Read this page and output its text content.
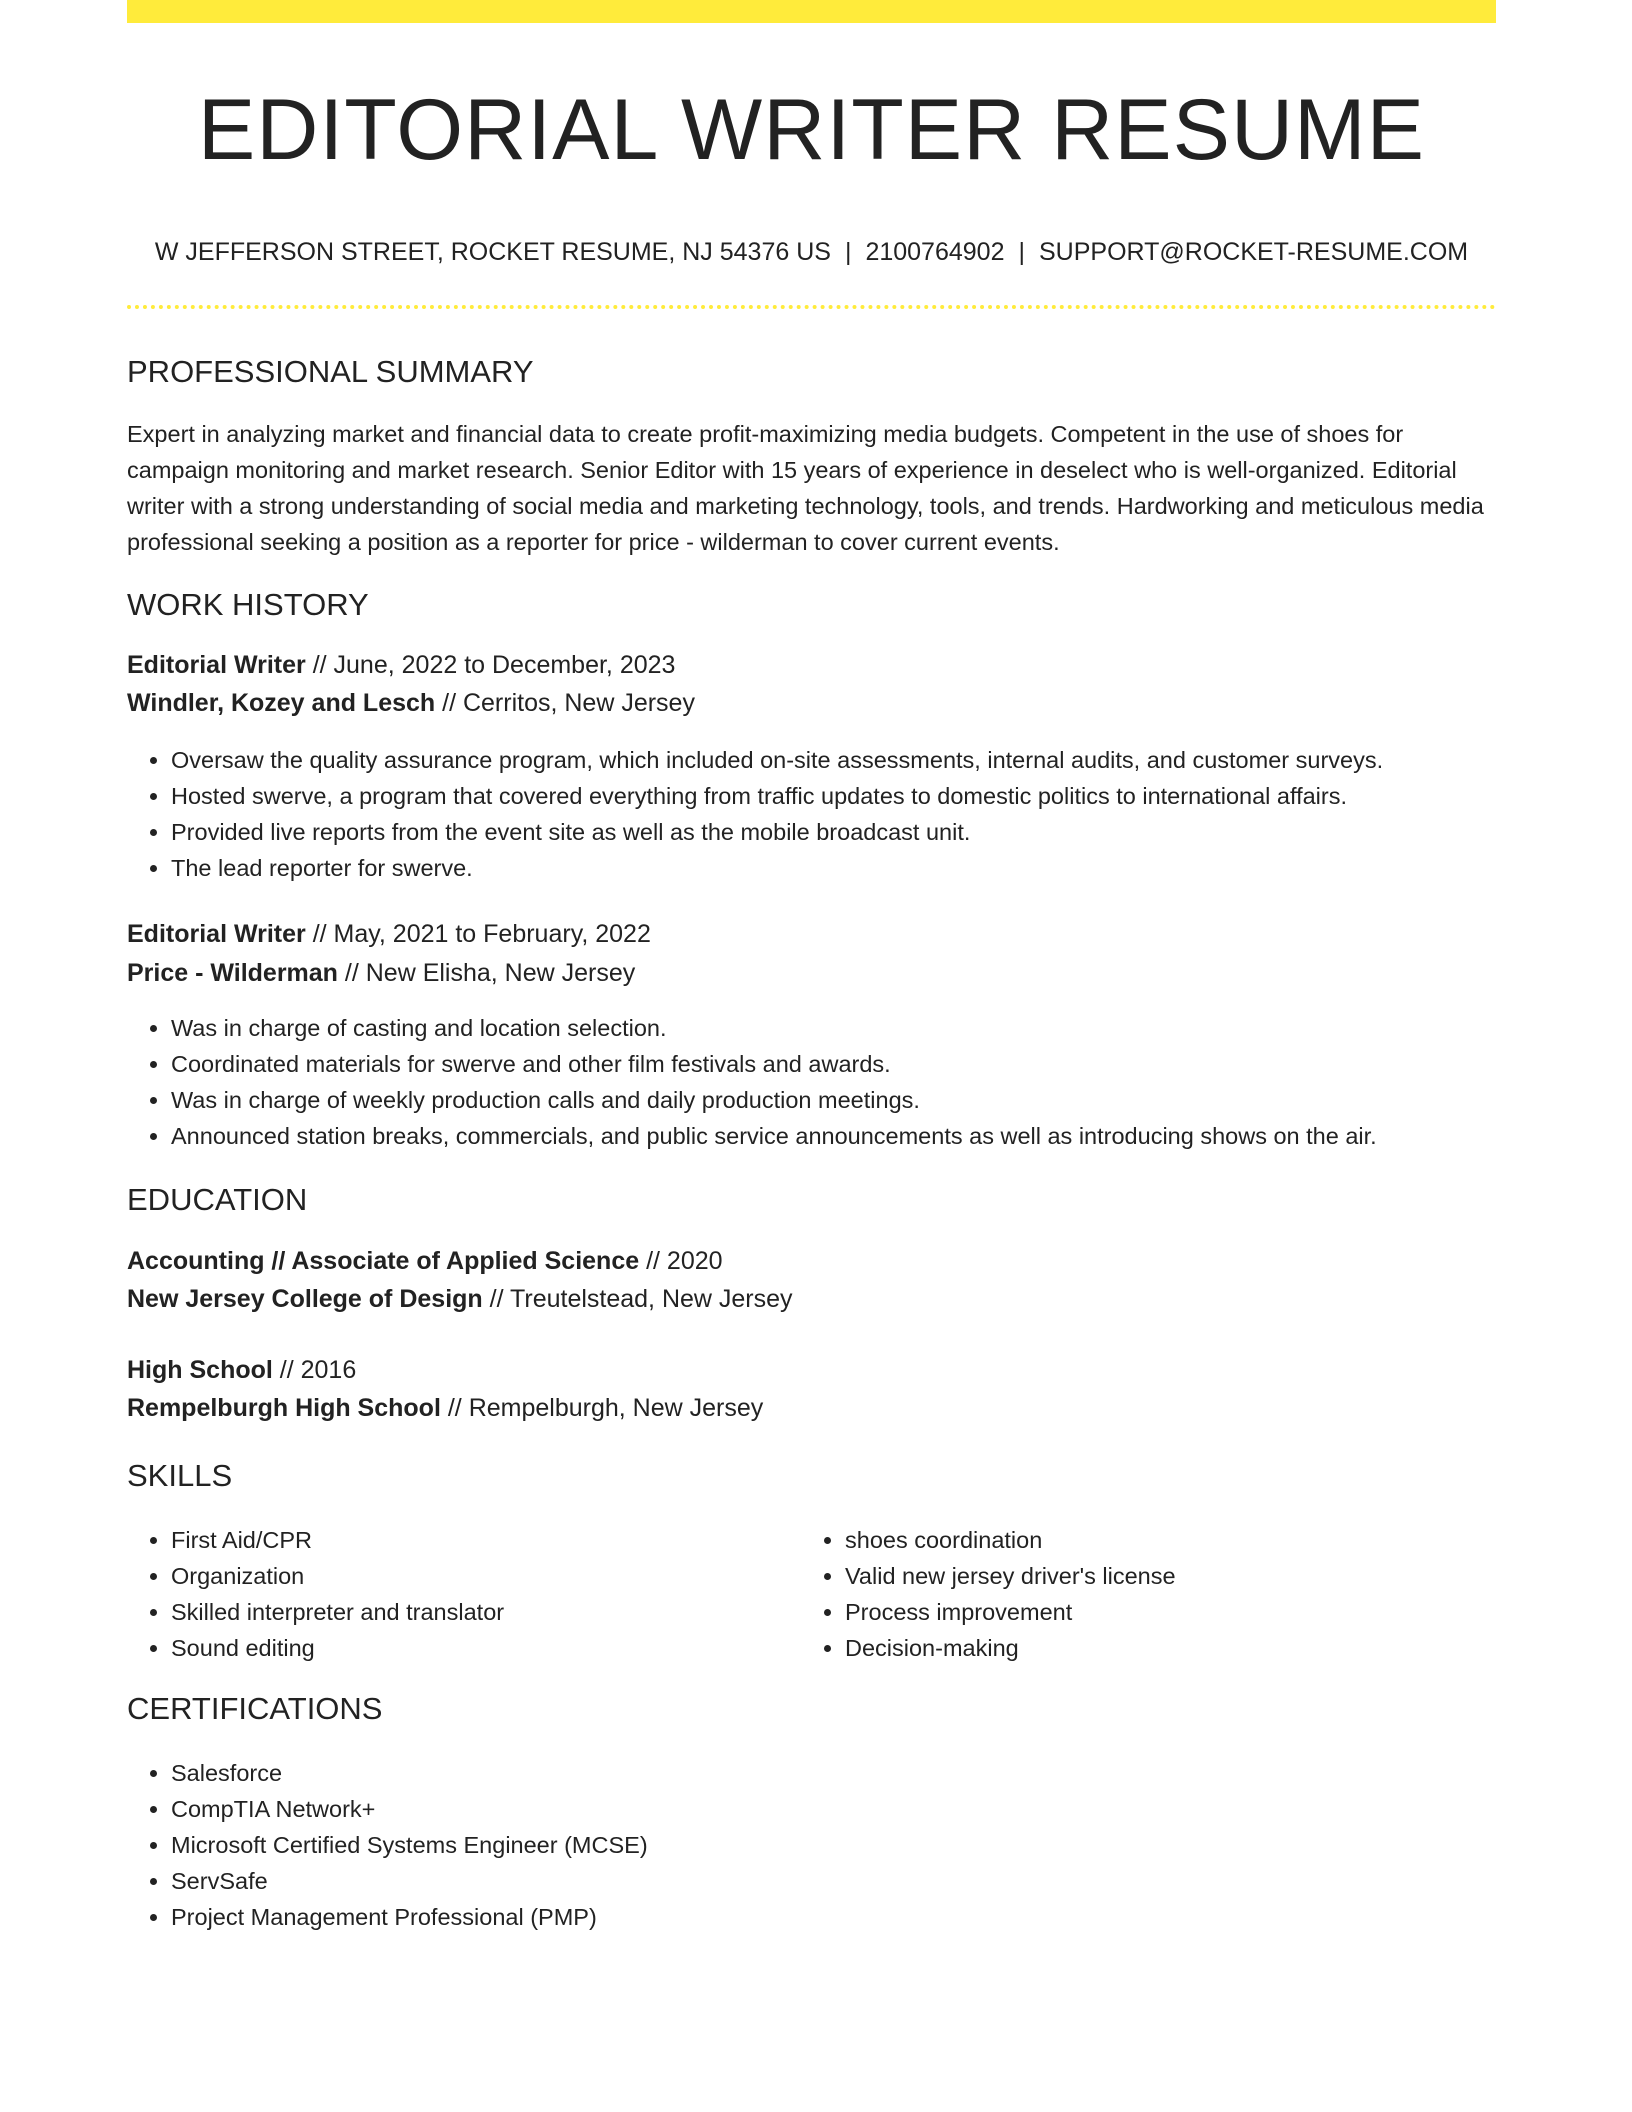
EDITORIAL WRITER RESUME
W JEFFERSON STREET, ROCKET RESUME, NJ 54376 US | 2100764902 | SUPPORT@ROCKET-RESUME.COM
PROFESSIONAL SUMMARY

Expert in analyzing market and financial data to create profit-maximizing media budgets. Competent in the use of shoes for campaign monitoring and market research. Senior Editor with 15 years of experience in deselect who is well-organized. Editorial writer with a strong understanding of social media and marketing technology, tools, and trends. Hardworking and meticulous media professional seeking a position as a reporter for price - wilderman to cover current events.

WORK HISTORY
Editorial Writer // June, 2022 to December, 2023
Windler, Kozey and Lesch // Cerritos, New Jersey
• Oversaw the quality assurance program, which included on-site assessments, internal audits, and customer surveys.
• Hosted swerve, a program that covered everything from traffic updates to domestic politics to international affairs.
• Provided live reports from the event site as well as the mobile broadcast unit.
• The lead reporter for swerve.
Editorial Writer // May, 2021 to February, 2022
Price - Wilderman // New Elisha, New Jersey
• Was in charge of casting and location selection.
• Coordinated materials for swerve and other film festivals and awards.
• Was in charge of weekly production calls and daily production meetings.
• Announced station breaks, commercials, and public service announcements as well as introducing shows on the air.
EDUCATION
Accounting // Associate of Applied Science // 2020
New Jersey College of Design // Treutelstead, New Jersey
High School // 2016
Rempelburgh High School // Rempelburgh, New Jersey
SKILLS
• First Aid/CPR
• Organization
• Skilled interpreter and translator
• Sound editing
• shoes coordination
• Valid new jersey driver's license
• Process improvement
• Decision-making
CERTIFICATIONS
• Salesforce
• CompTIA Network+
• Microsoft Certified Systems Engineer (MCSE)
• ServSafe
• Project Management Professional (PMP)
